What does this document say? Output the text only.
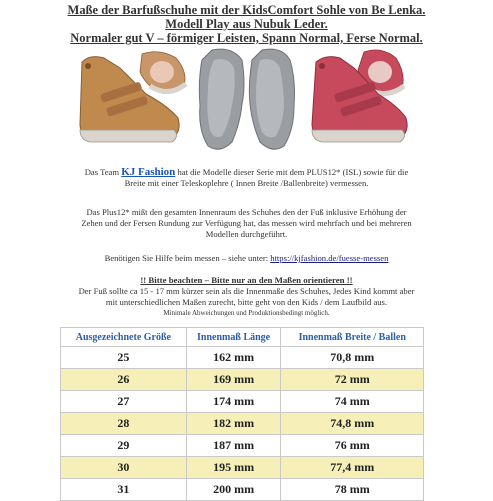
Maße der Barfußschuhe mit der KidsComfort Sohle von Be Lenka.
Modell Play aus Nubuk Leder.
Normaler gut V – förmiger Leisten, Spann Normal, Ferse Normal.
Das Team KJ Fashion hat die Modelle dieser Serie mit dem PLUS12* (ISL) sowie für die
Breite mit einer Teleskoplehre ( Innen Breite /Ballenbreite) vermessen.
Das Plus12* mißt den gesamten Innenraum des Schuhes den der Fuß inklusive Erhöhung der
Zehen und der Fersen Rundung zur Verfügung hat, das messen wird mehrfach und bei mehreren
Modellen durchgeführt.
Benötigen Sie Hilfe beim messen – siehe unter: https://kjfashion.de/fuesse-messen
!! Bitte beachten – Bitte nur an den Maßen orientieren !!
Der Fuß sollte ca 15 - 17 mm kürzer sein als die Innenmaße des Schuhes, Jedes Kind kommt aber
mit unterschiedlichen Maßen zurecht, bitte geht von den Kids / dem Laufbild aus.
Minimale Abweichungen und Produktionsbedingt möglich.
Ausgezeichnete Größe	Innenmaß Länge	Innenmaß Breite / Ballen
25	162 mm	70,8 mm
26	169 mm	72 mm
27	174 mm	74 mm
28	182 mm	74,8 mm
29	187 mm	76 mm
30	195 mm	77,4 mm
31	200 mm	78 mm
